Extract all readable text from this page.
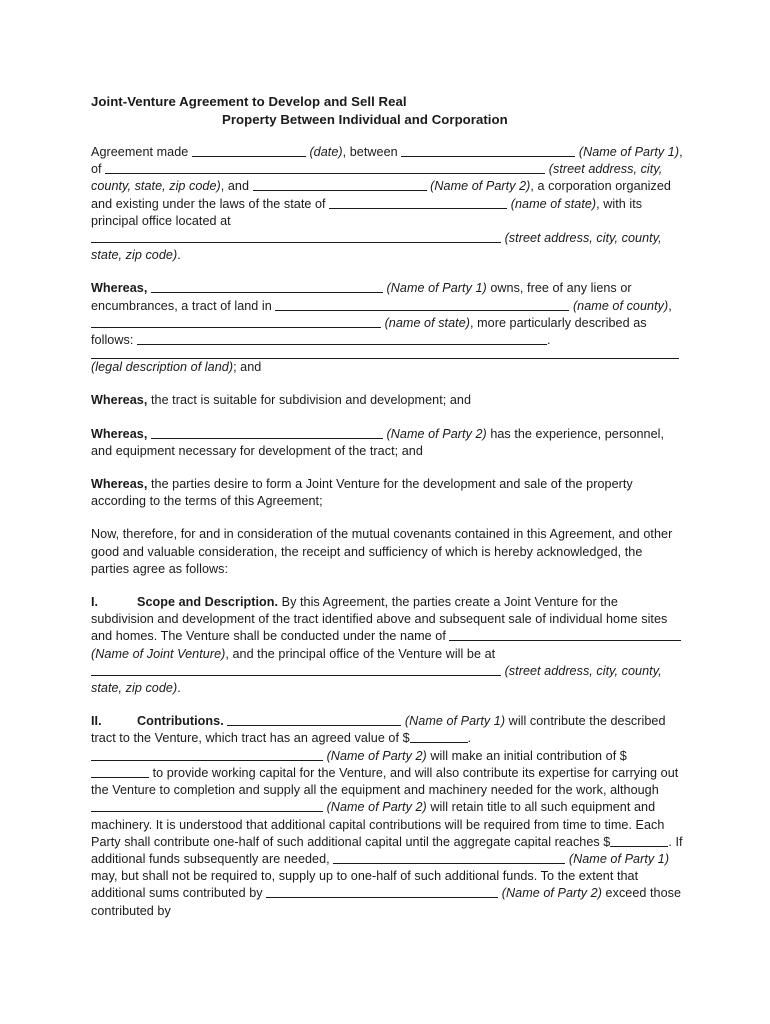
Joint-Venture Agreement to Develop and Sell Real

Property Between Individual and Corporation

Agreement made	(date), between	(Name of Party 1), of	(street address, city, county, state, zip code), and	(Name of Party 2), a corporation organized and existing under the laws of the state of	(name of state), with its principal office located at
(street address, city, county, state, zip code).

Whereas,	(Name of Party 1) owns, free of any liens or encumbrances, a tract of land in	(name of county),  (name of state), more particularly described as follows:	.
(legal description of land); and

Whereas, the tract is suitable for subdivision and development; and

Whereas,	(Name of Party 2) has the experience, personnel, and equipment necessary for development of the tract; and

Whereas, the parties desire to form a Joint Venture for the development and sale of the property according to the terms of this Agreement;

Now, therefore, for and in consideration of the mutual covenants contained in this Agreement, and other good and valuable consideration, the receipt and sufficiency of which is hereby acknowledged, the parties agree as follows:

I.	Scope and Description. By this Agreement, the parties create a Joint Venture for the subdivision and development of the tract identified above and subsequent sale of individual home sites and homes. The Venture shall be conducted under the name of  (Name of Joint Venture), and the principal office of the Venture will be at  (street address, city, county, state, zip code).

II.	Contributions.	(Name of Party 1) will contribute the described tract to the Venture, which tract has an agreed value of $	.  (Name of Party 2) will make an initial contribution of $ to provide working capital for the Venture, and will also contribute its expertise for carrying out the Venture to completion and supply all the equipment and machinery needed for the work, although  (Name of Party 2) will retain title to all such equipment and machinery. It is understood that additional capital contributions will be required from time to time. Each Party shall contribute one-half of such additional capital until the aggregate capital reaches $	. If additional funds subsequently are needed,	(Name of Party 1) may, but shall not be required to, supply up to one-half of such additional funds. To the extent that additional sums contributed by	(Name of Party 2) exceed those contributed by
